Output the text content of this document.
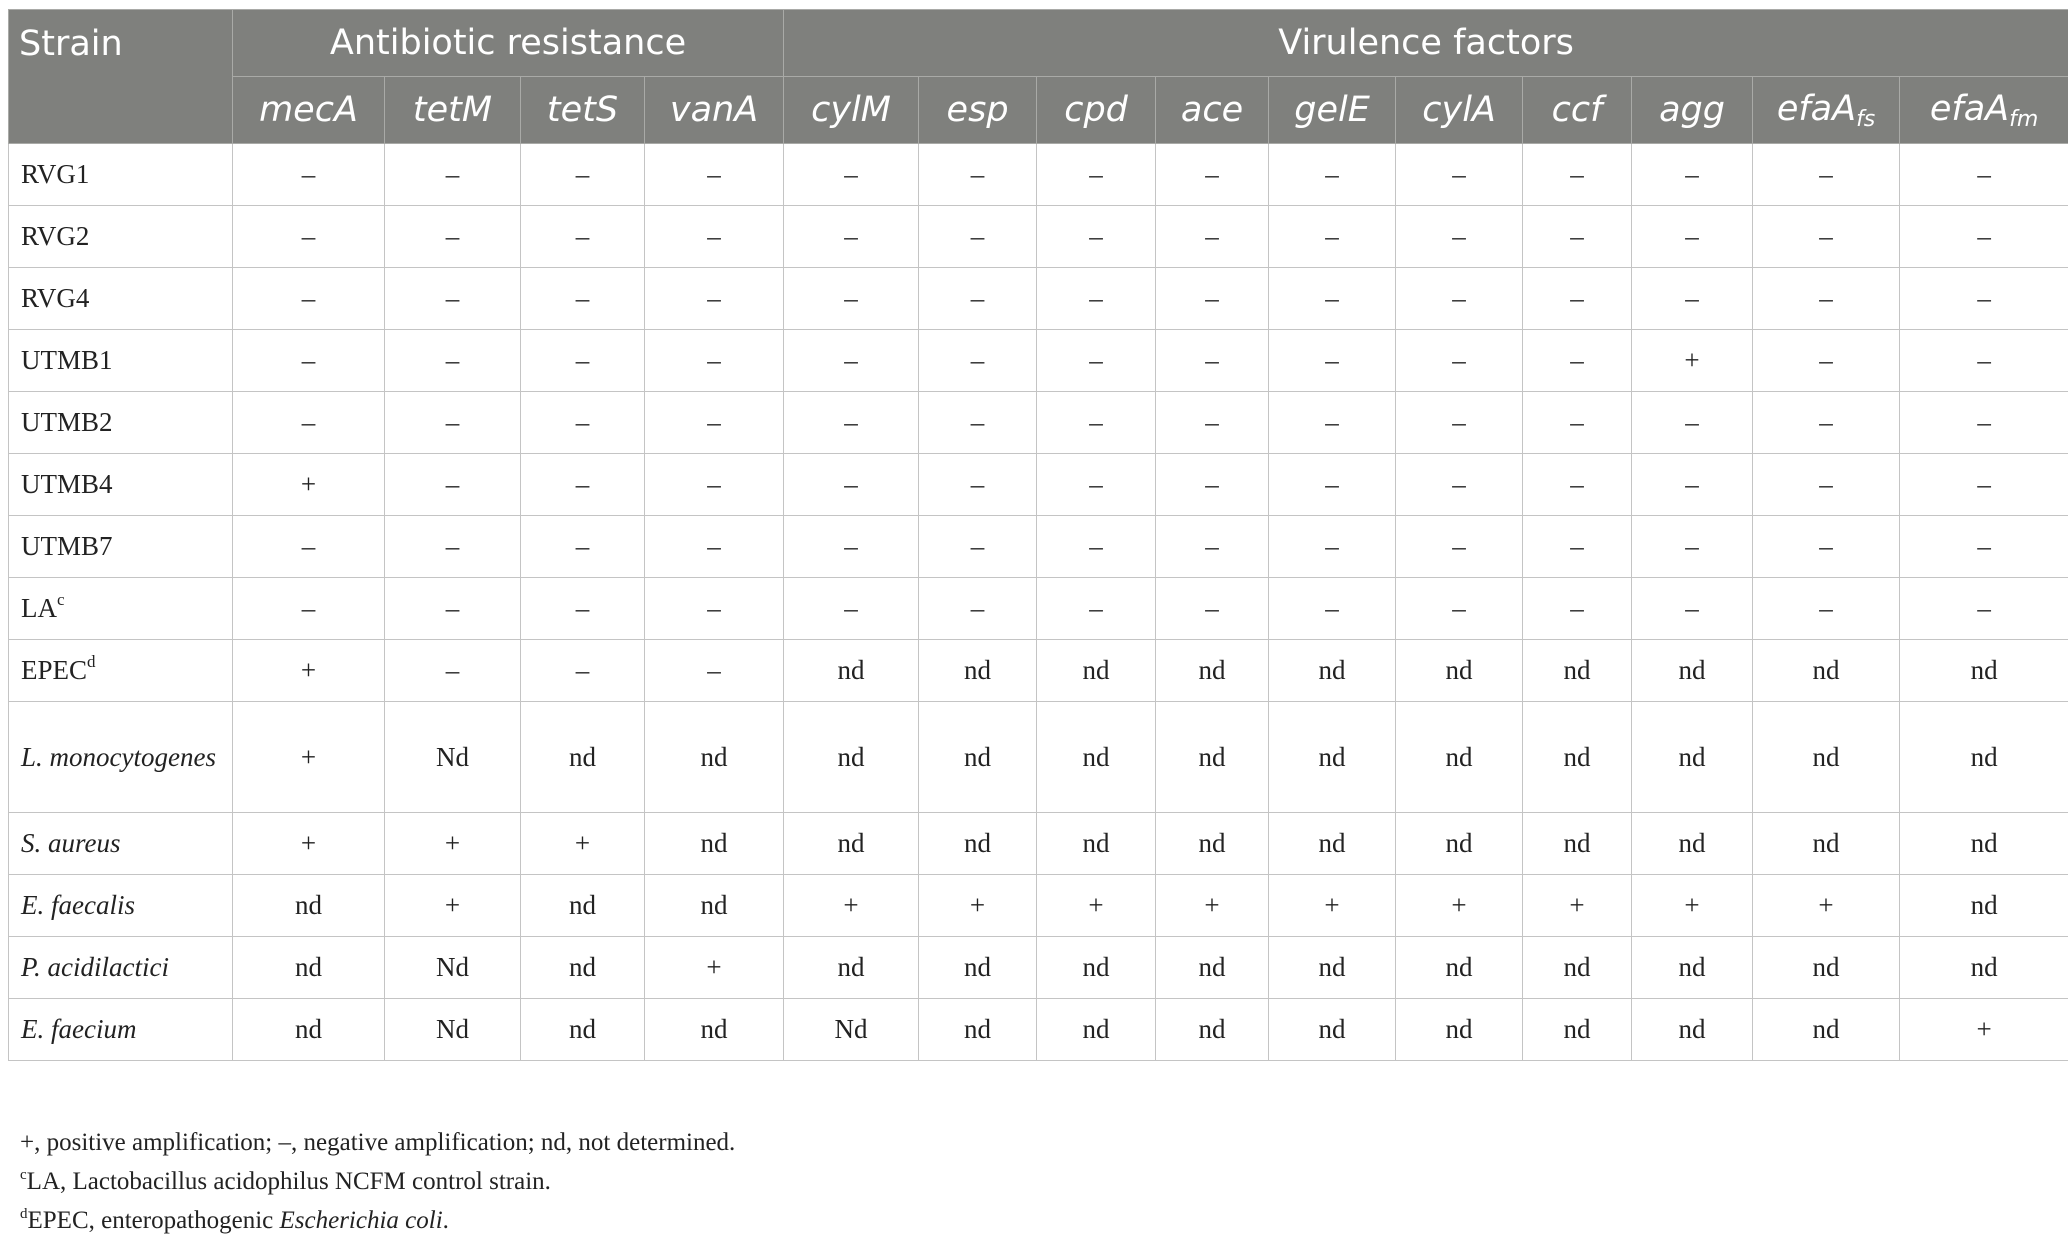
Strain	Antibiotic resistance				Virulence factors									
	mecA	tetM	tetS	vanA	cylM	esp	cpd	ace	gelE	cylA	ccf	agg	efaA$_{fs}$	efaA$_{fm}$
RVG1	–	–	–	–	–	–	–	–	–	–	–	–	–	–
RVG2	–	–	–	–	–	–	–	–	–	–	–	–	–	–
RVG4	–	–	–	–	–	–	–	–	–	–	–	–	–	–
UTMB1	–	–	–	–	–	–	–	–	–	–	–	+	–	–
UTMB2	–	–	–	–	–	–	–	–	–	–	–	–	–	–
UTMB4	+	–	–	–	–	–	–	–	–	–	–	–	–	–
UTMB7	–	–	–	–	–	–	–	–	–	–	–	–	–	–
$LA^c$	–	–	–	–	–	–	–	–	–	–	–	–	–	–
$EPEC^d$	+	–	–	–	nd	nd	nd	nd	nd	nd	nd	nd	nd	nd
L. monocytogenes	+	Nd	nd	nd	nd	nd	nd	nd	nd	nd	nd	nd	nd	nd
S. aureus	+	+	+	nd	nd	nd	nd	nd	nd	nd	nd	nd	nd	nd
E. faecalis	nd	+	nd	nd	+	+	+	+	+	+	+	+	+	nd
P. acidilactici	nd	Nd	nd	+	nd	nd	nd	nd	nd	nd	nd	nd	nd	nd
E. faecium	nd	Nd	nd	nd	Nd	nd	nd	nd	nd	nd	nd	nd	nd	+
+, positive amplification; –, negative amplification; nd, not determined.
$^c$LA, Lactobacillus acidophilus NCFM control strain.
$^d$EPEC, enteropathogenic Escherichia coli.
